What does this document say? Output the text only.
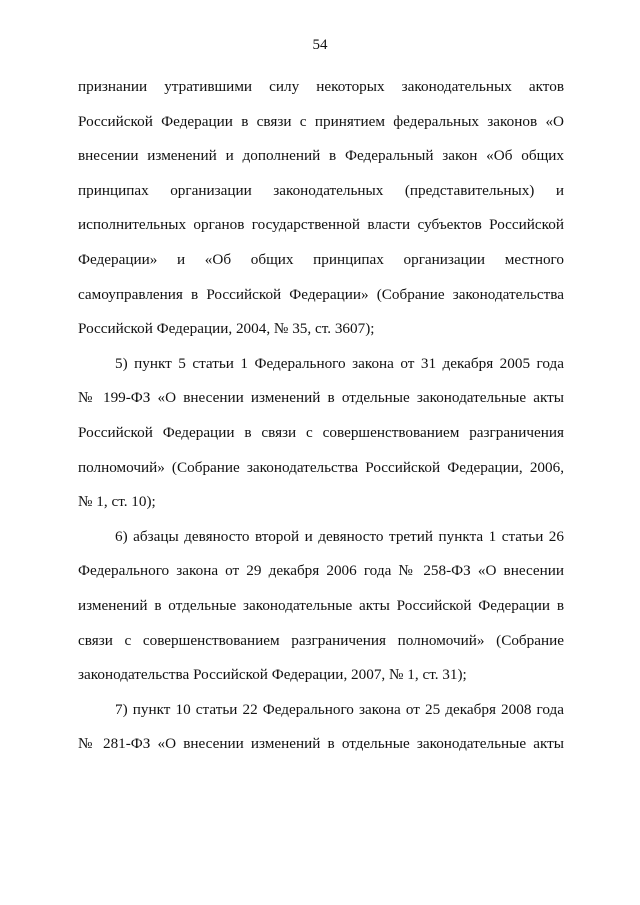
54
признании утратившими силу некоторых законодательных актов
Российской Федерации в связи с принятием федеральных законов «О
внесении изменений и дополнений в Федеральный закон «Об общих
принципах организации законодательных (представительных) и
исполнительных органов государственной власти субъектов Российской
Федерации» и «Об общих принципах организации местного
самоуправления в Российской Федерации» (Собрание законодательства
Российской Федерации, 2004, № 35, ст. 3607);
5) пункт 5 статьи 1 Федерального закона от 31 декабря 2005 года
№ 199-ФЗ «О внесении изменений в отдельные законодательные акты
Российской Федерации в связи с совершенствованием разграничения
полномочий» (Собрание законодательства Российской Федерации, 2006,
№ 1, ст. 10);
6) абзацы девяносто второй и девяносто третий пункта 1 статьи 26
Федерального закона от 29 декабря 2006 года № 258-ФЗ «О внесении
изменений в отдельные законодательные акты Российской Федерации в
связи с совершенствованием разграничения полномочий» (Собрание
законодательства Российской Федерации, 2007, № 1, ст. 31);
7) пункт 10 статьи 22 Федерального закона от 25 декабря 2008 года
№ 281-ФЗ «О внесении изменений в отдельные законодательные акты
